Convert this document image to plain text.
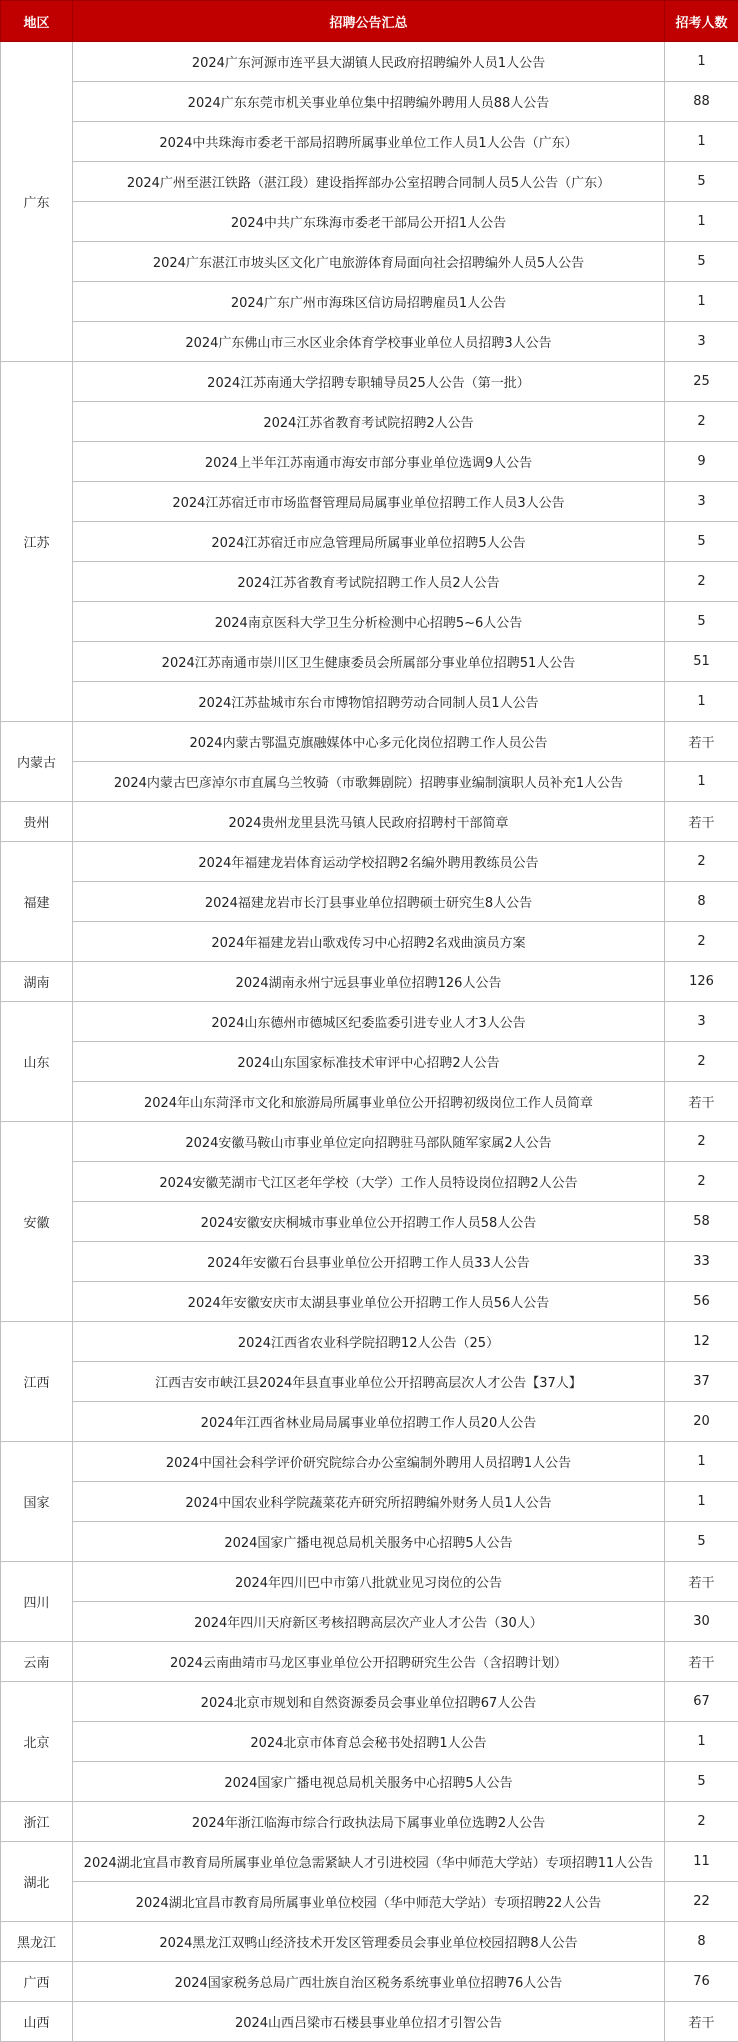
地区	招聘公告汇总	招考人数
广东	2024广东河源市连平县大湖镇人民政府招聘编外人员1人公告	1
	2024广东东莞市机关事业单位集中招聘编外聘用人员88人公告	88
	2024中共珠海市委老干部局招聘所属事业单位工作人员1人公告（广东）	1
	2024广州至湛江铁路（湛江段）建设指挥部办公室招聘合同制人员5人公告（广东）	5
	2024中共广东珠海市委老干部局公开招1人公告	1
	2024广东湛江市坡头区文化广电旅游体育局面向社会招聘编外人员5人公告	5
	2024广东广州市海珠区信访局招聘雇员1人公告	1
	2024广东佛山市三水区业余体育学校事业单位人员招聘3人公告	3
江苏	2024江苏南通大学招聘专职辅导员25人公告（第一批）	25
	2024江苏省教育考试院招聘2人公告	2
	2024上半年江苏南通市海安市部分事业单位选调9人公告	9
	2024江苏宿迁市市场监督管理局局属事业单位招聘工作人员3人公告	3
	2024江苏宿迁市应急管理局所属事业单位招聘5人公告	5
	2024江苏省教育考试院招聘工作人员2人公告	2
	2024南京医科大学卫生分析检测中心招聘5~6人公告	5
	2024江苏南通市崇川区卫生健康委员会所属部分事业单位招聘51人公告	51
	2024江苏盐城市东台市博物馆招聘劳动合同制人员1人公告	1
内蒙古	2024内蒙古鄂温克旗融媒体中心多元化岗位招聘工作人员公告	若干
	2024内蒙古巴彦淖尔市直属乌兰牧骑（市歌舞剧院）招聘事业编制演职人员补充1人公告	1
贵州	2024贵州龙里县洗马镇人民政府招聘村干部简章	若干
福建	2024年福建龙岩体育运动学校招聘2名编外聘用教练员公告	2
	2024福建龙岩市长汀县事业单位招聘硕士研究生8人公告	8
	2024年福建龙岩山歌戏传习中心招聘2名戏曲演员方案	2
湖南	2024湖南永州宁远县事业单位招聘126人公告	126
山东	2024山东德州市德城区纪委监委引进专业人才3人公告	3
	2024山东国家标准技术审评中心招聘2人公告	2
	2024年山东菏泽市文化和旅游局所属事业单位公开招聘初级岗位工作人员简章	若干
安徽	2024安徽马鞍山市事业单位定向招聘驻马部队随军家属2人公告	2
	2024安徽芜湖市弋江区老年学校（大学）工作人员特设岗位招聘2人公告	2
	2024安徽安庆桐城市事业单位公开招聘工作人员58人公告	58
	2024年安徽石台县事业单位公开招聘工作人员33人公告	33
	2024年安徽安庆市太湖县事业单位公开招聘工作人员56人公告	56
江西	2024江西省农业科学院招聘12人公告（25）	12
	江西吉安市峡江县2024年县直事业单位公开招聘高层次人才公告【37人】	37
	2024年江西省林业局局属事业单位招聘工作人员20人公告	20
国家	2024中国社会科学评价研究院综合办公室编制外聘用人员招聘1人公告	1
	2024中国农业科学院蔬菜花卉研究所招聘编外财务人员1人公告	1
	2024国家广播电视总局机关服务中心招聘5人公告	5
四川	2024年四川巴中市第八批就业见习岗位的公告	若干
	2024年四川天府新区考核招聘高层次产业人才公告（30人）	30
云南	2024云南曲靖市马龙区事业单位公开招聘研究生公告（含招聘计划）	若干
北京	2024北京市规划和自然资源委员会事业单位招聘67人公告	67
	2024北京市体育总会秘书处招聘1人公告	1
	2024国家广播电视总局机关服务中心招聘5人公告	5
浙江	2024年浙江临海市综合行政执法局下属事业单位选聘2人公告	2
湖北	2024湖北宜昌市教育局所属事业单位急需紧缺人才引进校园（华中师范大学站）专项招聘11人公告	11
	2024湖北宜昌市教育局所属事业单位校园（华中师范大学站）专项招聘22人公告	22
黑龙江	2024黑龙江双鸭山经济技术开发区管理委员会事业单位校园招聘8人公告	8
广西	2024国家税务总局广西壮族自治区税务系统事业单位招聘76人公告	76
山西	2024山西吕梁市石楼县事业单位招才引智公告	若干
